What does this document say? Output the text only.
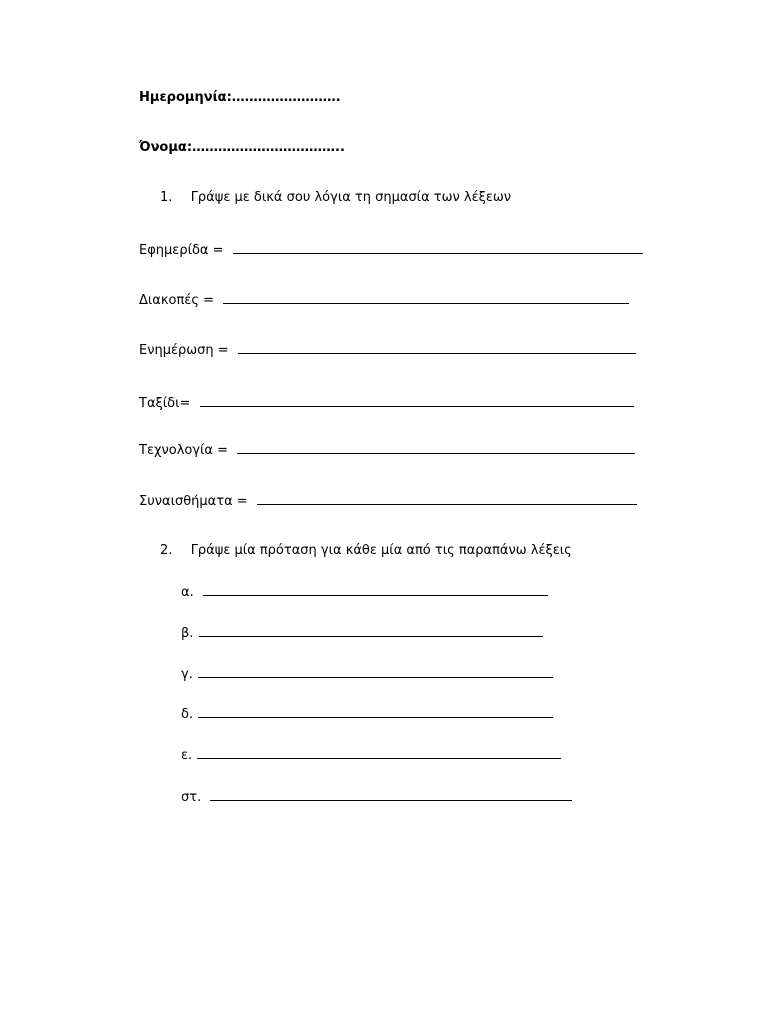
Ημερομηνία:…………………….
Όνομα:……………………………..
1. Γράψε με δικά σου λόγια τη σημασία των λέξεων
Εφημερίδα =
Διακοπές =
Ενημέρωση =
Ταξίδι=
Τεχνολογία =
Συναισθήματα =
2. Γράψε μία πρόταση για κάθε μία από τις παραπάνω λέξεις
α.
β.
γ.
δ.
ε.
στ.
